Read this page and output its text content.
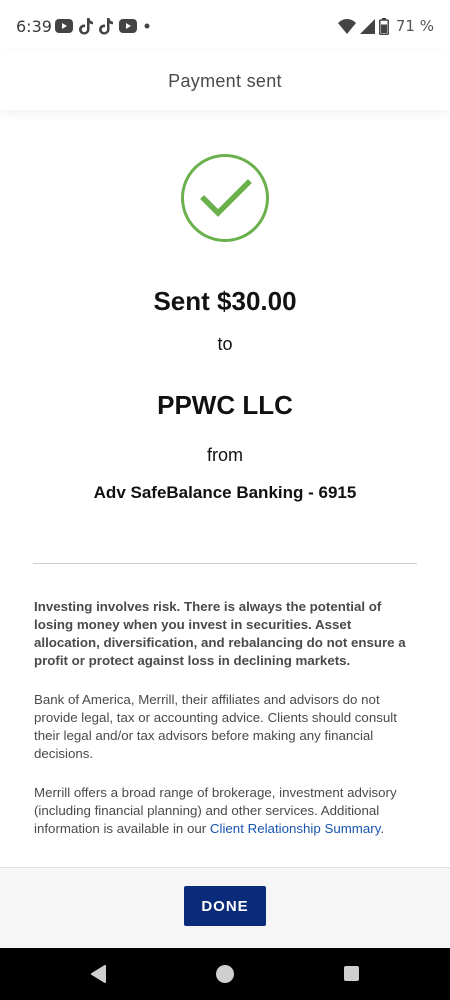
6:39	71 %
Payment sent
Sent $30.00
to
PPWC LLC
from
Adv SafeBalance Banking - 6915

Investing involves risk. There is always the potential of losing money when you invest in securities. Asset allocation, diversification, and rebalancing do not ensure a profit or protect against loss in declining markets.

Bank of America, Merrill, their affiliates and advisors do not provide legal, tax or accounting advice. Clients should consult their legal and/or tax advisors before making any financial decisions.

Merrill offers a broad range of brokerage, investment advisory (including financial planning) and other services. Additional information is available in our Client Relationship Summary.

DONE
